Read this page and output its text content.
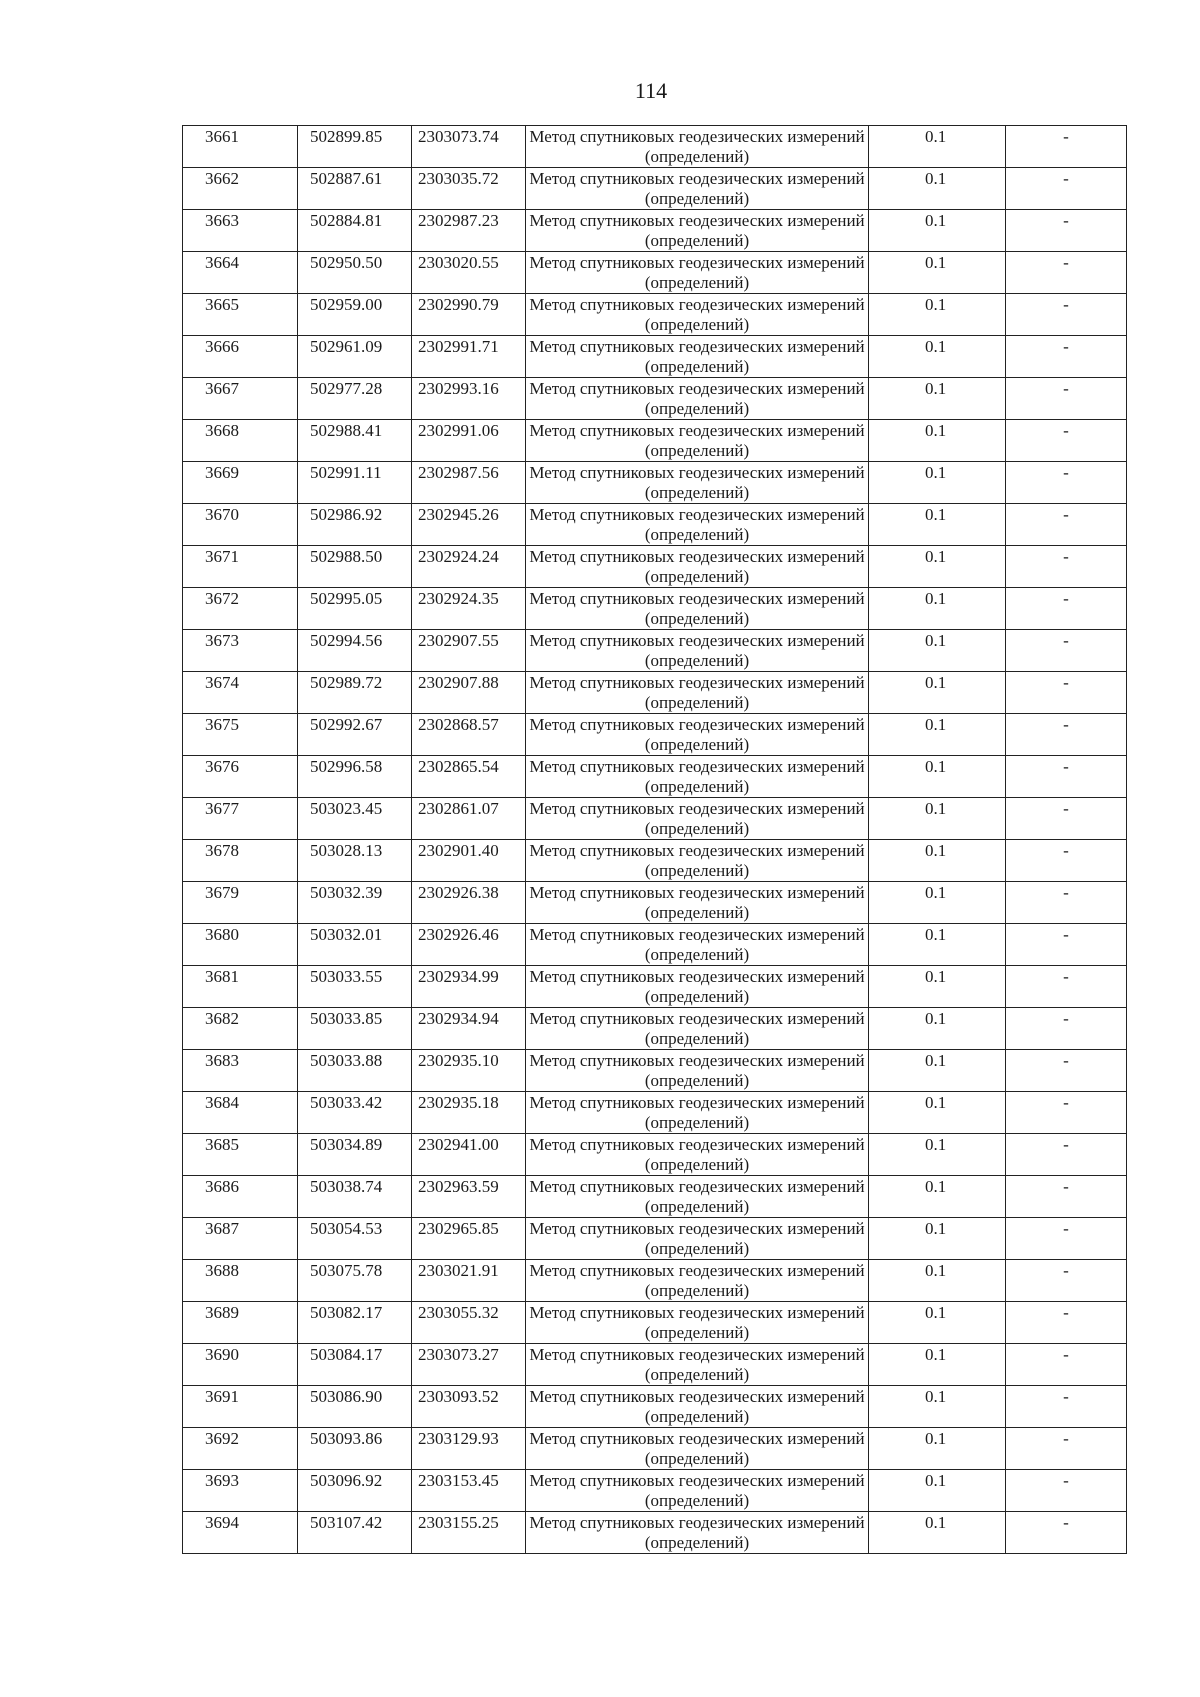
114
3661	502899.85	2303073.74	Метод спутниковых геодезических измерений (определений)	0.1	-
3662	502887.61	2303035.72	Метод спутниковых геодезических измерений (определений)	0.1	-
3663	502884.81	2302987.23	Метод спутниковых геодезических измерений (определений)	0.1	-
3664	502950.50	2303020.55	Метод спутниковых геодезических измерений (определений)	0.1	-
3665	502959.00	2302990.79	Метод спутниковых геодезических измерений (определений)	0.1	-
3666	502961.09	2302991.71	Метод спутниковых геодезических измерений (определений)	0.1	-
3667	502977.28	2302993.16	Метод спутниковых геодезических измерений (определений)	0.1	-
3668	502988.41	2302991.06	Метод спутниковых геодезических измерений (определений)	0.1	-
3669	502991.11	2302987.56	Метод спутниковых геодезических измерений (определений)	0.1	-
3670	502986.92	2302945.26	Метод спутниковых геодезических измерений (определений)	0.1	-
3671	502988.50	2302924.24	Метод спутниковых геодезических измерений (определений)	0.1	-
3672	502995.05	2302924.35	Метод спутниковых геодезических измерений (определений)	0.1	-
3673	502994.56	2302907.55	Метод спутниковых геодезических измерений (определений)	0.1	-
3674	502989.72	2302907.88	Метод спутниковых геодезических измерений (определений)	0.1	-
3675	502992.67	2302868.57	Метод спутниковых геодезических измерений (определений)	0.1	-
3676	502996.58	2302865.54	Метод спутниковых геодезических измерений (определений)	0.1	-
3677	503023.45	2302861.07	Метод спутниковых геодезических измерений (определений)	0.1	-
3678	503028.13	2302901.40	Метод спутниковых геодезических измерений (определений)	0.1	-
3679	503032.39	2302926.38	Метод спутниковых геодезических измерений (определений)	0.1	-
3680	503032.01	2302926.46	Метод спутниковых геодезических измерений (определений)	0.1	-
3681	503033.55	2302934.99	Метод спутниковых геодезических измерений (определений)	0.1	-
3682	503033.85	2302934.94	Метод спутниковых геодезических измерений (определений)	0.1	-
3683	503033.88	2302935.10	Метод спутниковых геодезических измерений (определений)	0.1	-
3684	503033.42	2302935.18	Метод спутниковых геодезических измерений (определений)	0.1	-
3685	503034.89	2302941.00	Метод спутниковых геодезических измерений (определений)	0.1	-
3686	503038.74	2302963.59	Метод спутниковых геодезических измерений (определений)	0.1	-
3687	503054.53	2302965.85	Метод спутниковых геодезических измерений (определений)	0.1	-
3688	503075.78	2303021.91	Метод спутниковых геодезических измерений (определений)	0.1	-
3689	503082.17	2303055.32	Метод спутниковых геодезических измерений (определений)	0.1	-
3690	503084.17	2303073.27	Метод спутниковых геодезических измерений (определений)	0.1	-
3691	503086.90	2303093.52	Метод спутниковых геодезических измерений (определений)	0.1	-
3692	503093.86	2303129.93	Метод спутниковых геодезических измерений (определений)	0.1	-
3693	503096.92	2303153.45	Метод спутниковых геодезических измерений (определений)	0.1	-
3694	503107.42	2303155.25	Метод спутниковых геодезических измерений (определений)	0.1	-
